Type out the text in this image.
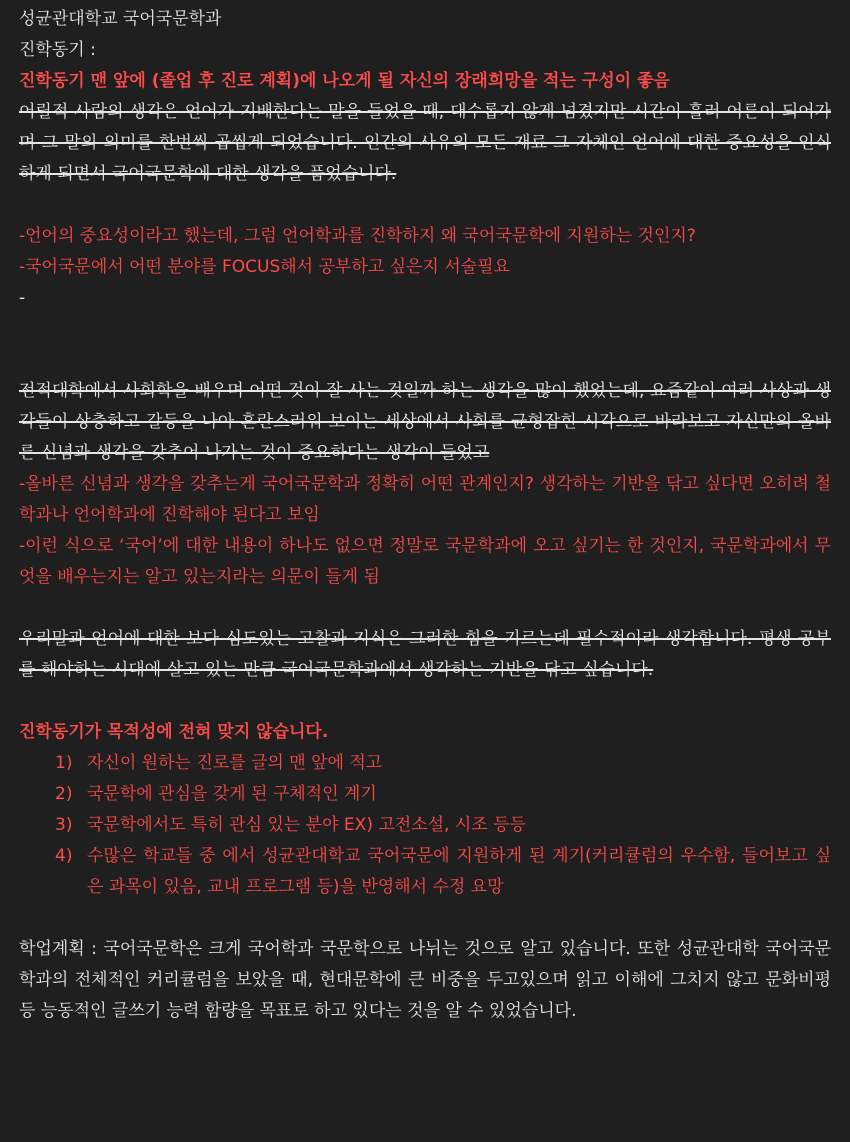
성균관대학교 국어국문학과

진학동기 :

진학동기 맨 앞에 (졸업 후 진로 계획)에 나오게 될 자신의 장래희망을 적는 구성이 좋음

어릴적 사람의 생각은 언어가 지배한다는 말을 들었을 때, 대수롭지 않게 넘겼지만 시간이 흘러 어른이 되어가며 그 말의 의미를 한번씩 곱씹게 되었습니다. 인간의 사유의 모든 재료 그 자체인 언어에 대한 중요성을 인식하게 되면서 국어국문학에 대한 생각을 품었습니다.

-언어의 중요성이라고 했는데, 그럼 언어학과를 진학하지 왜 국어국문학에 지원하는 것인지?

-국어국문에서 어떤 분야를 FOCUS해서 공부하고 싶은지 서술필요

-

전적대학에서 사회학을 배우며 어떤 것이 잘 사는 것일까 하는 생각을 많이 했었는데, 요즘같이 여러 사상과 생각들이 상충하고 갈등을 나아 혼란스러워 보이는 세상에서 사회를 균형잡힌 시각으로 바라보고 자신만의 올바른 신념과 생각을 갖추어 나가는 것이 중요하다는 생각이 들었고

-올바른 신념과 생각을 갖추는게 국어국문학과 정확히 어떤 관계인지? 생각하는 기반을 닦고 싶다면 오히려 철학과나 언어학과에 진학해야 된다고 보임

-이런 식으로 ‘국어’에 대한 내용이 하나도 없으면 정말로 국문학과에 오고 싶기는 한 것인지, 국문학과에서 무엇을 배우는지는 알고 있는지라는 의문이 들게 됨

우리말과 언어에 대한 보다 심도있는 고찰과 지식은 그러한 힘을 기르는데 필수적이라 생각합니다. 평생 공부를 해야하는 시대에 살고 있는 만큼 국어국문학과에서 생각하는 기반을 닦고 싶습니다.

진학동기가 목적성에 전혀 맞지 않습니다.

1) 자신이 원하는 진로를 글의 맨 앞에 적고
2) 국문학에 관심을 갖게 된 구체적인 계기
3) 국문학에서도 특히 관심 있는 분야 EX) 고전소설, 시조 등등
4) 수많은 학교들 중 에서 성균관대학교 국어국문에 지원하게 된 계기(커리큘럼의 우수함, 들어보고 싶은 과목이 있음, 교내 프로그램 등)을 반영해서 수정 요망

학업계획 : 국어국문학은 크게 국어학과 국문학으로 나뉘는 것으로 알고 있습니다. 또한 성균관대학 국어국문학과의 전체적인 커리큘럼을 보았을 때, 현대문학에 큰 비중을 두고있으며 읽고 이해에 그치지 않고 문화비평 등 능동적인 글쓰기 능력 함량을 목표로 하고 있다는 것을 알 수 있었습니다.
